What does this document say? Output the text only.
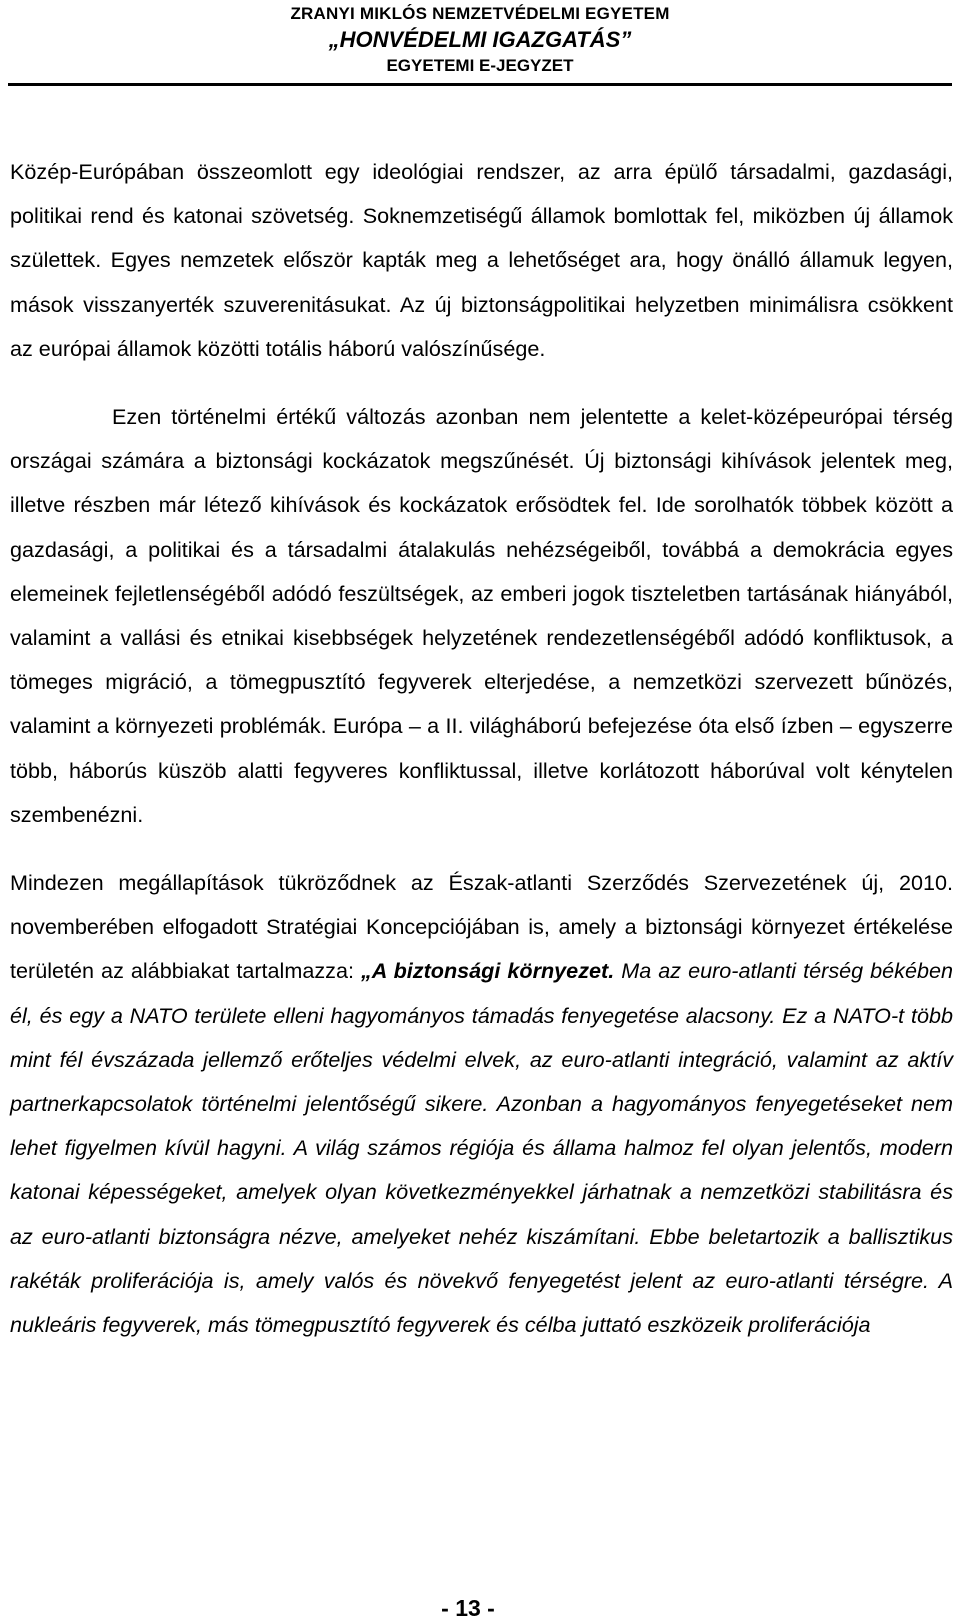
ZRANYI MIKLÓS NEMZETVÉDELMI EGYETEM
„HONVÉDELMI IGAZGATÁS”
EGYETEMI E-JEGYZET

Közép-Európában összeomlott egy ideológiai rendszer, az arra épülő társadalmi, gazdasági, politikai rend és katonai szövetség. Soknemzetiségű államok bomlottak fel, miközben új államok születtek. Egyes nemzetek először kapták meg a lehetőséget ara, hogy önálló államuk legyen, mások visszanyerték szuverenitásukat. Az új biztonságpolitikai helyzetben minimálisra csökkent az európai államok közötti totális háború valószínűsége.

Ezen történelmi értékű változás azonban nem jelentette a kelet-középeurópai térség országai számára a biztonsági kockázatok megszűnését. Új biztonsági kihívások jelentek meg, illetve részben már létező kihívások és kockázatok erősödtek fel. Ide sorolhatók többek között a gazdasági, a politikai és a társadalmi átalakulás nehézségeiből, továbbá a demokrácia egyes elemeinek fejletlenségéből adódó feszültségek, az emberi jogok tiszteletben tartásának hiányából, valamint a vallási és etnikai kisebbségek helyzetének rendezetlenségéből adódó konfliktusok, a tömeges migráció, a tömegpusztító fegyverek elterjedése, a nemzetközi szervezett bűnözés, valamint a környezeti problémák. Európa – a II. világháború befejezése óta első ízben – egyszerre több, háborús küszöb alatti fegyveres konfliktussal, illetve korlátozott háborúval volt kénytelen szembenézni.

Mindezen megállapítások tükröződnek az Észak-atlanti Szerződés Szervezetének új, 2010. novemberében elfogadott Stratégiai Koncepciójában is, amely a biztonsági környezet értékelése területén az alábbiakat tartalmazza: „A biztonsági környezet. Ma az euro-atlanti térség békében él, és egy a NATO területe elleni hagyományos támadás fenyegetése alacsony. Ez a NATO-t több mint fél évszázada jellemző erőteljes védelmi elvek, az euro-atlanti integráció, valamint az aktív partnerkapcsolatok történelmi jelentőségű sikere. Azonban a hagyományos fenyegetéseket nem lehet figyelmen kívül hagyni. A világ számos régiója és állama halmoz fel olyan jelentős, modern katonai képességeket, amelyek olyan következményekkel járhatnak a nemzetközi stabilitásra és az euro-atlanti biztonságra nézve, amelyeket nehéz kiszámítani. Ebbe beletartozik a ballisztikus rakéták proliferációja is, amely valós és növekvő fenyegetést jelent az euro-atlanti térségre. A nukleáris fegyverek, más tömegpusztító fegyverek és célba juttató eszközeik proliferációja

- 13 -
